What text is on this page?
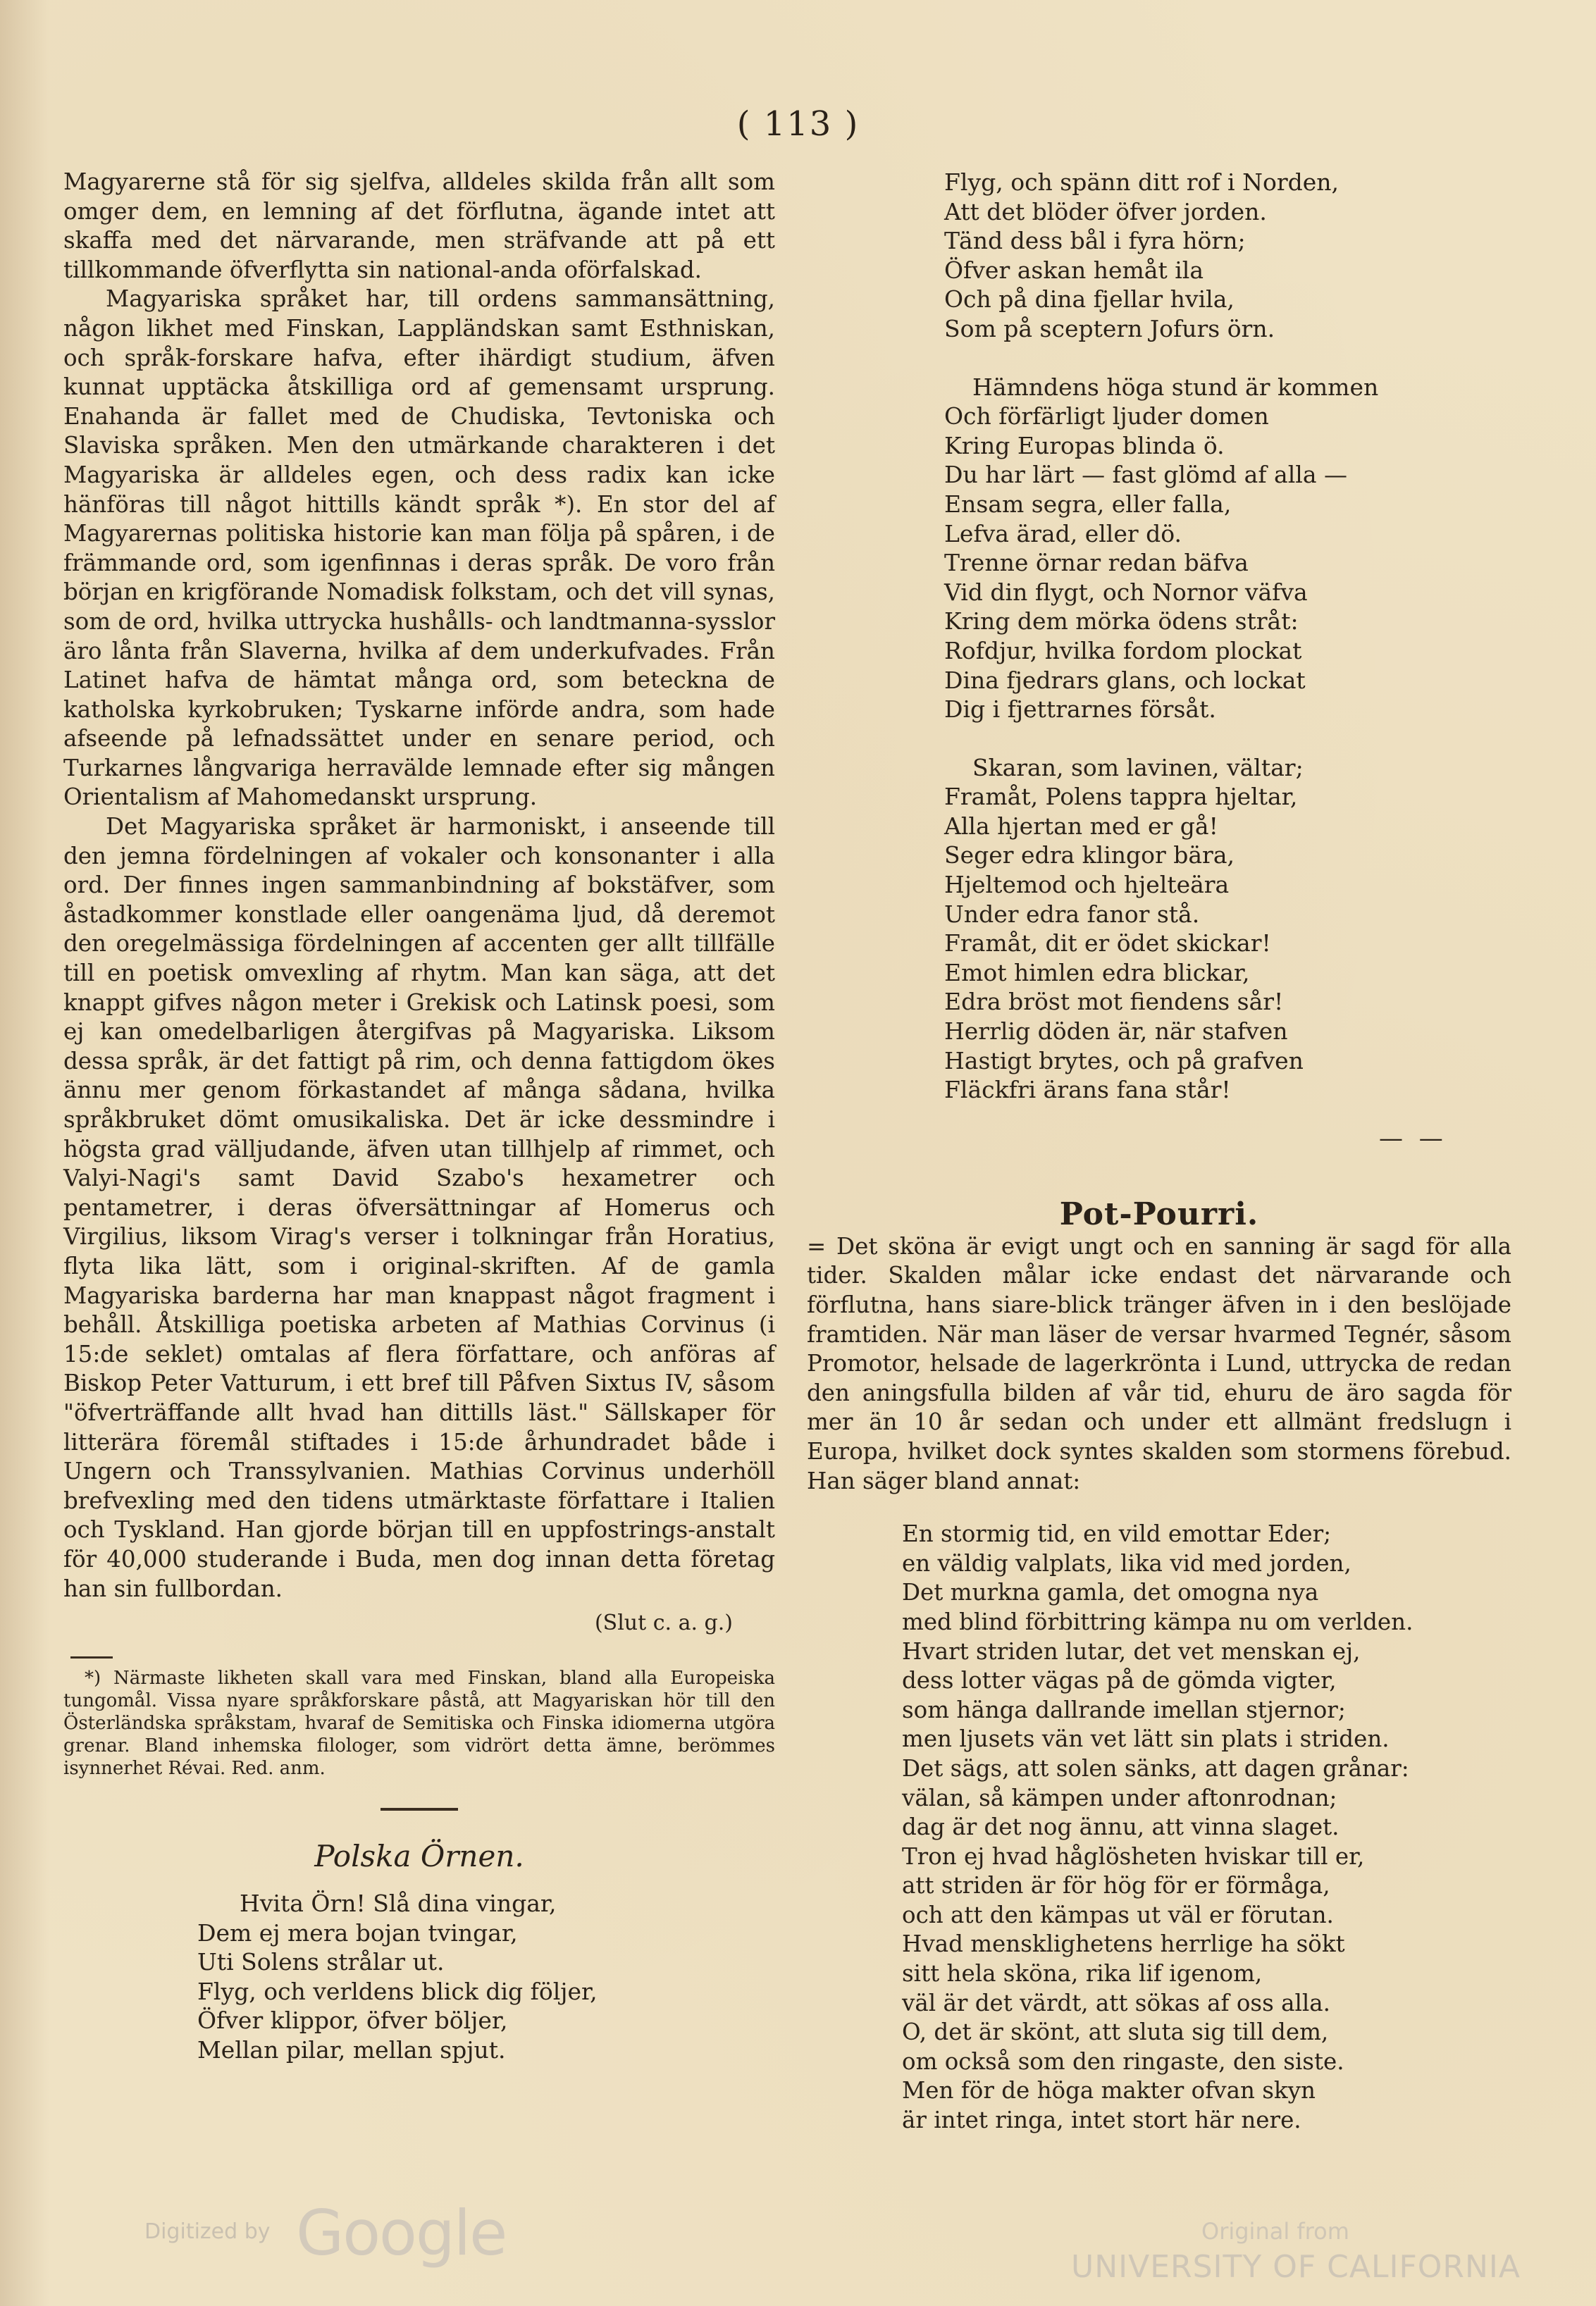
( 113 )

Magyarerne stå för sig sjelfva, alldeles skilda från allt som omger dem, en lemning af det förflutna, ägande intet att skaffa med det närvarande, men sträfvande att på ett tillkommande öfverflytta sin national-anda oförfalskad.

Magyariska språket har, till ordens sammansättning, någon likhet med Finskan, Lappländskan samt Esthniskan, och språk-forskare hafva, efter ihärdigt studium, äfven kunnat upptäcka åtskilliga ord af gemensamt ursprung. Enahanda är fallet med de Chudiska, Tevtoniska och Slaviska språken. Men den utmärkande charakteren i det Magyariska är alldeles egen, och dess radix kan icke hänföras till något hittills kändt språk *). En stor del af Magyarernas politiska historie kan man följa på spåren, i de främmande ord, som igenfinnas i deras språk. De voro från början en krigförande Nomadisk folkstam, och det vill synas, som de ord, hvilka uttrycka hushålls- och landtmanna-sysslor äro lånta från Slaverna, hvilka af dem underkufvades. Från Latinet hafva de hämtat många ord, som beteckna de katholska kyrkobruken; Tyskarne införde andra, som hade afseende på lefnadssättet under en senare period, och Turkarnes långvariga herravälde lemnade efter sig mången Orientalism af Mahomedanskt ursprung.

Det Magyariska språket är harmoniskt, i anseende till den jemna fördelningen af vokaler och konsonanter i alla ord. Der finnes ingen sammanbindning af bokstäfver, som åstadkommer konstlade eller oangenäma ljud, då deremot den oregelmässiga fördelningen af accenten ger allt tillfälle till en poetisk omvexling af rhytm. Man kan säga, att det knappt gifves någon meter i Grekisk och Latinsk poesi, som ej kan omedelbarligen återgifvas på Magyariska. Liksom dessa språk, är det fattigt på rim, och denna fattigdom ökes ännu mer genom förkastandet af många sådana, hvilka språkbruket dömt omusikaliska. Det är icke dessmindre i högsta grad välljudande, äfven utan tillhjelp af rimmet, och Valyi-Nagi's samt David Szabo's hexametrer och pentametrer, i deras öfversättningar af Homerus och Virgilius, liksom Virag's verser i tolkningar från Horatius, flyta lika lätt, som i original-skriften. Af de gamla Magyariska barderna har man knappast något fragment i behåll. Åtskilliga poetiska arbeten af Mathias Corvinus (i 15:de seklet) omtalas af flera författare, och anföras af Biskop Peter Vatturum, i ett bref till Påfven Sixtus IV, såsom "öfverträffande allt hvad han dittills läst." Sällskaper för litterära föremål stiftades i 15:de århundradet både i Ungern och Transsylvanien. Mathias Corvinus underhöll brefvexling med den tidens utmärktaste författare i Italien och Tyskland. Han gjorde början till en uppfostrings-anstalt för 40,000 studerande i Buda, men dog innan detta företag han sin fullbordan.

(Slut c. a. g.)

*) Närmaste likheten skall vara med Finskan, bland alla Europeiska tungomål. Vissa nyare språkforskare påstå, att Magyariskan hör till den Österländska språkstam, hvaraf de Semitiska och Finska idiomerna utgöra grenar. Bland inhemska filologer, som vidrört detta ämne, berömmes isynnerhet Révai. Red. anm.

Polska Örnen.
Hvita Örn! Slå dina vingar,
Dem ej mera bojan tvingar,
Uti Solens strålar ut.
Flyg, och verldens blick dig följer,
Öfver klippor, öfver böljer,
Mellan pilar, mellan spjut.
Flyg, och spänn ditt rof i Norden,
Att det blöder öfver jorden.
Tänd dess bål i fyra hörn;
Öfver askan hemåt ila
Och på dina fjellar hvila,
Som på sceptern Jofurs örn.
Hämndens höga stund är kommen
Och förfärligt ljuder domen
Kring Europas blinda ö.
Du har lärt — fast glömd af alla —
Ensam segra, eller falla,
Lefva ärad, eller dö.
Trenne örnar redan bäfva
Vid din flygt, och Nornor väfva
Kring dem mörka ödens stråt:
Rofdjur, hvilka fordom plockat
Dina fjedrars glans, och lockat
Dig i fjettrarnes försåt.
Skaran, som lavinen, vältar;
Framåt, Polens tappra hjeltar,
Alla hjertan med er gå!
Seger edra klingor bära,
Hjeltemod och hjelteära
Under edra fanor stå.
Framåt, dit er ödet skickar!
Emot himlen edra blickar,
Edra bröst mot fiendens sår!
Herrlig döden är, när stafven
Hastigt brytes, och på grafven
Fläckfri ärans fana står!
— —
Pot-Pourri.

= Det sköna är evigt ungt och en sanning är sagd för alla tider. Skalden målar icke endast det närvarande och förflutna, hans siare-blick tränger äfven in i den beslöjade framtiden. När man läser de versar hvarmed Tegnér, såsom Promotor, helsade de lagerkrönta i Lund, uttrycka de redan den aningsfulla bilden af vår tid, ehuru de äro sagda för mer än 10 år sedan och under ett allmänt fredslugn i Europa, hvilket dock syntes skalden som stormens förebud. Han säger bland annat:

En stormig tid, en vild emottar Eder;
en väldig valplats, lika vid med jorden,
Det murkna gamla, det omogna nya
med blind förbittring kämpa nu om verlden.
Hvart striden lutar, det vet menskan ej,
dess lotter vägas på de gömda vigter,
som hänga dallrande imellan stjernor;
men ljusets vän vet lätt sin plats i striden.
Det sägs, att solen sänks, att dagen grånar:
välan, så kämpen under aftonrodnan;
dag är det nog ännu, att vinna slaget.
Tron ej hvad håglösheten hviskar till er,
att striden är för hög för er förmåga,
och att den kämpas ut väl er förutan.
Hvad mensklighetens herrlige ha sökt
sitt hela sköna, rika lif igenom,
väl är det värdt, att sökas af oss alla.
O, det är skönt, att sluta sig till dem,
om också som den ringaste, den siste.
Men för de höga makter ofvan skyn
är intet ringa, intet stort här nere.
Digitized by Google	Original from
UNIVERSITY OF CALIFORNIA
